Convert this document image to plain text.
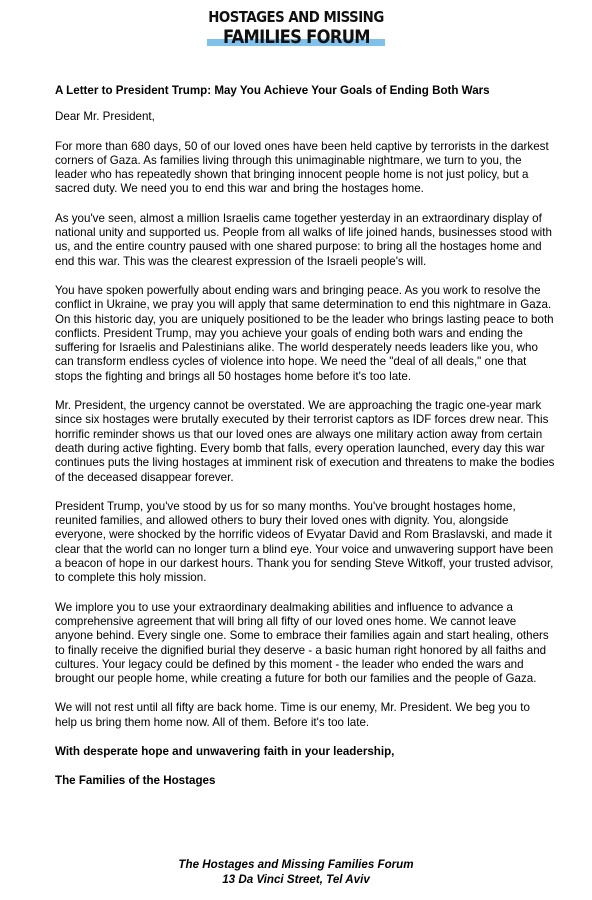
HOSTAGES AND MISSING
FAMILIES FORUM

A Letter to President Trump: May You Achieve Your Goals of Ending Both Wars

Dear Mr. President,

For more than 680 days, 50 of our loved ones have been held captive by terrorists in the darkest corners of Gaza. As families living through this unimaginable nightmare, we turn to you, the leader who has repeatedly shown that bringing innocent people home is not just policy, but a sacred duty. We need you to end this war and bring the hostages home.

As you've seen, almost a million Israelis came together yesterday in an extraordinary display of national unity and supported us. People from all walks of life joined hands, businesses stood with us, and the entire country paused with one shared purpose: to bring all the hostages home and end this war. This was the clearest expression of the Israeli people's will.

You have spoken powerfully about ending wars and bringing peace. As you work to resolve the conflict in Ukraine, we pray you will apply that same determination to end this nightmare in Gaza. On this historic day, you are uniquely positioned to be the leader who brings lasting peace to both conflicts. President Trump, may you achieve your goals of ending both wars and ending the suffering for Israelis and Palestinians alike. The world desperately needs leaders like you, who can transform endless cycles of violence into hope. We need the "deal of all deals," one that stops the fighting and brings all 50 hostages home before it's too late.

Mr. President, the urgency cannot be overstated. We are approaching the tragic one-year mark since six hostages were brutally executed by their terrorist captors as IDF forces drew near. This horrific reminder shows us that our loved ones are always one military action away from certain death during active fighting. Every bomb that falls, every operation launched, every day this war continues puts the living hostages at imminent risk of execution and threatens to make the bodies of the deceased disappear forever.

President Trump, you've stood by us for so many months. You've brought hostages home, reunited families, and allowed others to bury their loved ones with dignity. You, alongside everyone, were shocked by the horrific videos of Evyatar David and Rom Braslavski, and made it clear that the world can no longer turn a blind eye. Your voice and unwavering support have been a beacon of hope in our darkest hours. Thank you for sending Steve Witkoff, your trusted advisor, to complete this holy mission.

We implore you to use your extraordinary dealmaking abilities and influence to advance a comprehensive agreement that will bring all fifty of our loved ones home. We cannot leave anyone behind. Every single one. Some to embrace their families again and start healing, others to finally receive the dignified burial they deserve - a basic human right honored by all faiths and cultures. Your legacy could be defined by this moment - the leader who ended the wars and brought our people home, while creating a future for both our families and the people of Gaza.

We will not rest until all fifty are back home. Time is our enemy, Mr. President. We beg you to help us bring them home now. All of them. Before it's too late.

With desperate hope and unwavering faith in your leadership,

The Families of the Hostages

The Hostages and Missing Families Forum
13 Da Vinci Street, Tel Aviv
